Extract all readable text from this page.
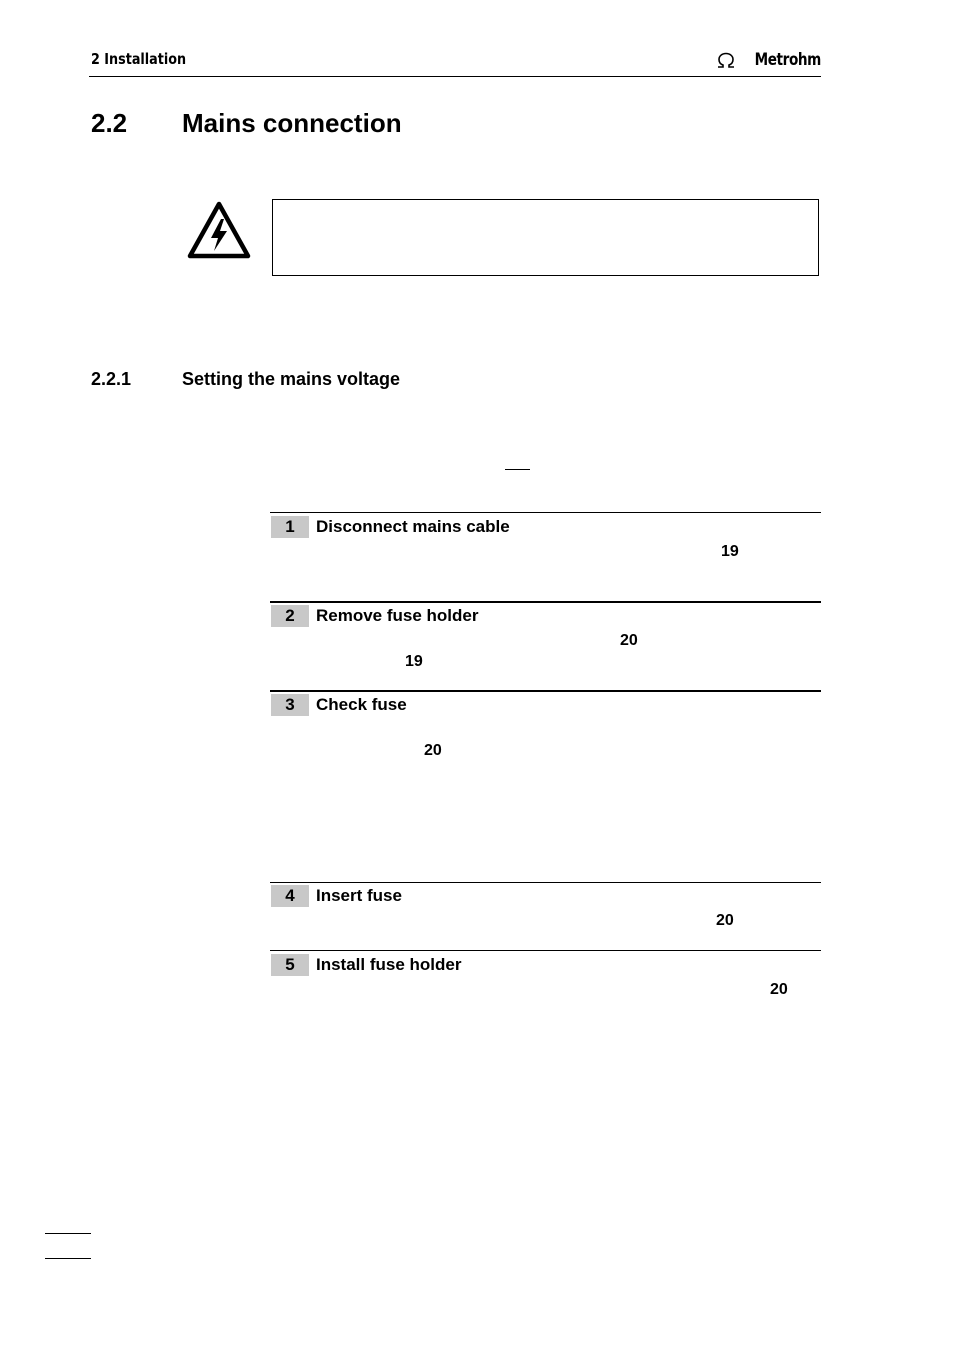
2 Installation	Metrohm
2.2 Mains connection
2.2.1	Setting the mains voltage
1	Disconnect mains cable
19
2	Remove fuse holder
20
19
3	Check fuse
20
4	Insert fuse
20
5	Install fuse holder
20
